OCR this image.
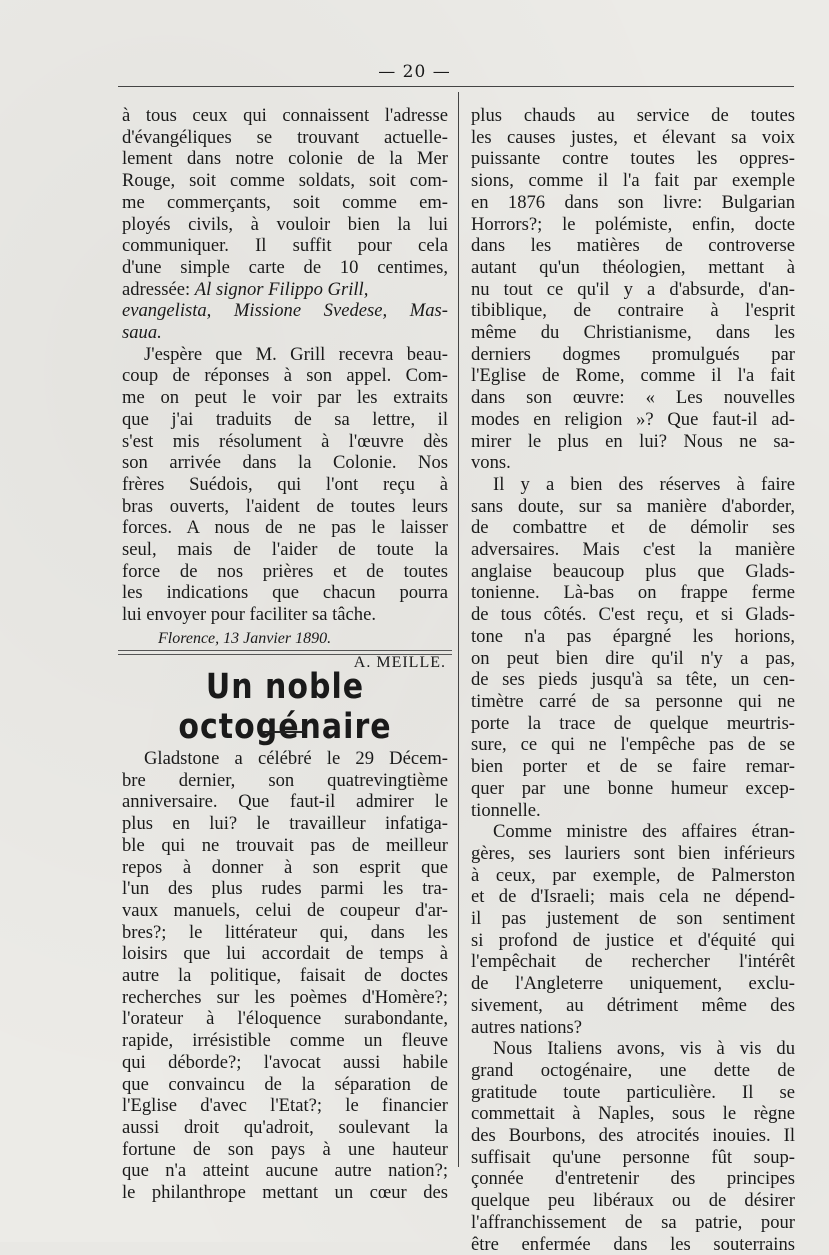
— 20 —
à tous ceux qui connaissent l'adresse
d'évangéliques se trouvant actuelle-
lement dans notre colonie de la Mer
Rouge, soit comme soldats, soit com-
me commerçants, soit comme em-
ployés civils, à vouloir bien la lui
communiquer. Il suffit pour cela
d'une simple carte de 10 centimes,
adressée: Al signor Filippo Grill,
evangelista, Missione Svedese, Mas-
saua.
J'espère que M. Grill recevra beau-
coup de réponses à son appel. Com-
me on peut le voir par les extraits
que j'ai traduits de sa lettre, il
s'est mis résolument à l'œuvre dès
son arrivée dans la Colonie. Nos
frères Suédois, qui l'ont reçu à
bras ouverts, l'aident de toutes leurs
forces. A nous de ne pas le laisser
seul, mais de l'aider de toute la
force de nos prières et de toutes
les indications que chacun pourra
lui envoyer pour faciliter sa tâche.
Florence, 13 Janvier 1890.
A. MEILLE.
Un noble octogénaire
Gladstone a célébré le 29 Décem-
bre dernier, son quatrevingtième
anniversaire. Que faut-il admirer le
plus en lui? le travailleur infatiga-
ble qui ne trouvait pas de meilleur
repos à donner à son esprit que
l'un des plus rudes parmi les tra-
vaux manuels, celui de coupeur d'ar-
bres?; le littérateur qui, dans les
loisirs que lui accordait de temps à
autre la politique, faisait de doctes
recherches sur les poèmes d'Homère?;
l'orateur à l'éloquence surabondante,
rapide, irrésistible comme un fleuve
qui déborde?; l'avocat aussi habile
que convaincu de la séparation de
l'Eglise d'avec l'Etat?; le financier
aussi droit qu'adroit, soulevant la
fortune de son pays à une hauteur
que n'a atteint aucune autre nation?;
le philanthrope mettant un cœur des
plus chauds au service de toutes
les causes justes, et élevant sa voix
puissante contre toutes les oppres-
sions, comme il l'a fait par exemple
en 1876 dans son livre: Bulgarian
Horrors?; le polémiste, enfin, docte
dans les matières de controverse
autant qu'un théologien, mettant à
nu tout ce qu'il y a d'absurde, d'an-
tibiblique, de contraire à l'esprit
même du Christianisme, dans les
derniers dogmes promulgués par
l'Eglise de Rome, comme il l'a fait
dans son œuvre: « Les nouvelles
modes en religion »? Que faut-il ad-
mirer le plus en lui? Nous ne sa-
vons.
Il y a bien des réserves à faire
sans doute, sur sa manière d'aborder,
de combattre et de démolir ses
adversaires. Mais c'est la manière
anglaise beaucoup plus que Glads-
tonienne. Là-bas on frappe ferme
de tous côtés. C'est reçu, et si Glads-
tone n'a pas épargné les horions,
on peut bien dire qu'il n'y a pas,
de ses pieds jusqu'à sa tête, un cen-
timètre carré de sa personne qui ne
porte la trace de quelque meurtris-
sure, ce qui ne l'empêche pas de se
bien porter et de se faire remar-
quer par une bonne humeur excep-
tionnelle.
Comme ministre des affaires étran-
gères, ses lauriers sont bien inférieurs
à ceux, par exemple, de Palmerston
et de d'Israeli; mais cela ne dépend-
il pas justement de son sentiment
si profond de justice et d'équité qui
l'empêchait de rechercher l'intérêt
de l'Angleterre uniquement, exclu-
sivement, au détriment même des
autres nations?
Nous Italiens avons, vis à vis du
grand octogénaire, une dette de
gratitude toute particulière. Il se
commettait à Naples, sous le règne
des Bourbons, des atrocités inouies. Il
suffisait qu'une personne fût soup-
çonnée d'entretenir des principes
quelque peu libéraux ou de désirer
l'affranchissement de sa patrie, pour
être enfermée dans les souterrains
